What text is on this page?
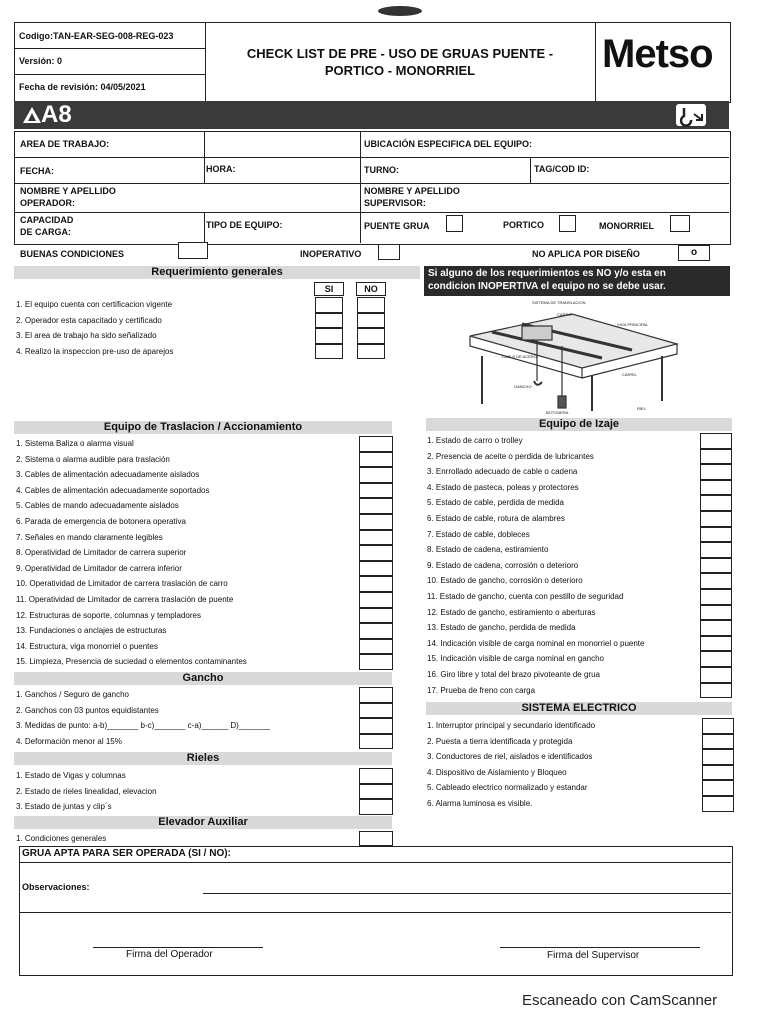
Codigo:TAN-EAR-SEG-008-REG-023
Versión: 0
Fecha de revisión: 04/05/2021
CHECK LIST DE PRE - USO DE GRUAS PUENTE -
PORTICO - MONORRIEL	Metso
A8
AREA DE TRABAJO:	UBICACIÓN ESPECIFICA DEL EQUIPO:
FECHA:	HORA:	TURNO:	TAG/COD ID:
NOMBRE Y APELLIDO
OPERADOR:
NOMBRE Y APELLIDO
SUPERVISOR:
CAPACIDAD
DE CARGA:
TIPO DE EQUIPO:	PUENTE GRUA	PORTICO	MONORRIEL
BUENAS CONDICIONES	INOPERATIVO	NO APLICA POR DISEÑO	o
Requerimiento generales
SI	NO
1. El equipo cuenta con certificacion vigente
2. Operador esta capacitado y certificado
3. El area de trabajo ha sido señalizado
4. Realizo la inspeccion pre-uso de aparejos
Si alguno de los requerimientos es NO y/o esta en
condicion INOPERTIVA el equipo no se debe usar.
SISTEMA DE TRANSLACION
CARRO
VIGA PRINCIPAL
CABLE DE ACERO
GANCHO
BOTONERA
CARRIL
RIEL
Equipo de Traslacion / Accionamiento
1. Sistema Baliza o alarma visual
2. Sistema o alarma audible para traslación
3. Cables de alimentación adecuadamente aislados
4. Cables de alimentación adecuadamente soportados
5. Cables de mando adecuadamente aislados
6. Parada de emergencia de botonera operativa
7. Señales en mando claramente legibles
8. Operatividad de Limitador de carrera superior
9. Operatividad de Limitador de carrera inferior
10. Operatividad de Limitador de carrera traslación de carro
11. Operatividad de Limitador de carrera traslación de puente
12. Estructuras de soporte, columnas y templadores
13. Fundaciones o anclajes de estructuras
14. Estructura, viga monorriel o puentes
15. Limpieza, Presencia de suciedad o elementos contaminantes
Gancho
1. Ganchos / Seguro de gancho
2. Ganchos con 03 puntos equidistantes
3. Medidas de punto: a-b)_______ b-c)_______ c-a)______ D)_______
4. Deformación menor al 15%
Rieles
1. Estado de Vigas y columnas
2. Estado de rieles linealidad, elevacion
3. Estado de juntas y clip´s
Elevador Auxiliar
1. Condiciones generales
Equipo de Izaje
1. Estado de carro o trolley
2. Presencia de aceite o perdida de lubricantes
3. Enrrollado adecuado de cable o cadena
4. Estado de pasteca, poleas y protectores
5. Estado de cable, perdida de medida
6. Estado de cable, rotura de alambres
7. Estado de cable, dobleces
8. Estado de cadena, estiramiento
9. Estado de cadena, corrosión o deterioro
10. Estado de gancho, corrosión o deterioro
11. Estado de gancho, cuenta con pestillo de seguridad
12. Estado de gancho, estiramiento o aberturas
13. Estado de gancho, perdida de medida
14. Indicación visible de carga nominal en monorriel o puente
15. Indicación visible de carga nominal en gancho
16. Giro libre y total del brazo pivoteante de grua
17. Prueba de freno con carga
SISTEMA ELECTRICO
1. Interruptor principal y secundario identificado
2. Puesta a tierra identificada y protegida
3. Conductores de riel, aislados e identificados
4. Dispositivo de Aislamiento y Bloqueo
5. Cableado electrico normalizado y estandar
6. Alarma luminosa es visible.
GRUA APTA PARA SER OPERADA (SI / NO):
Observaciones:
Firma del Operador	Firma del Supervisor
Escaneado con CamScanner
